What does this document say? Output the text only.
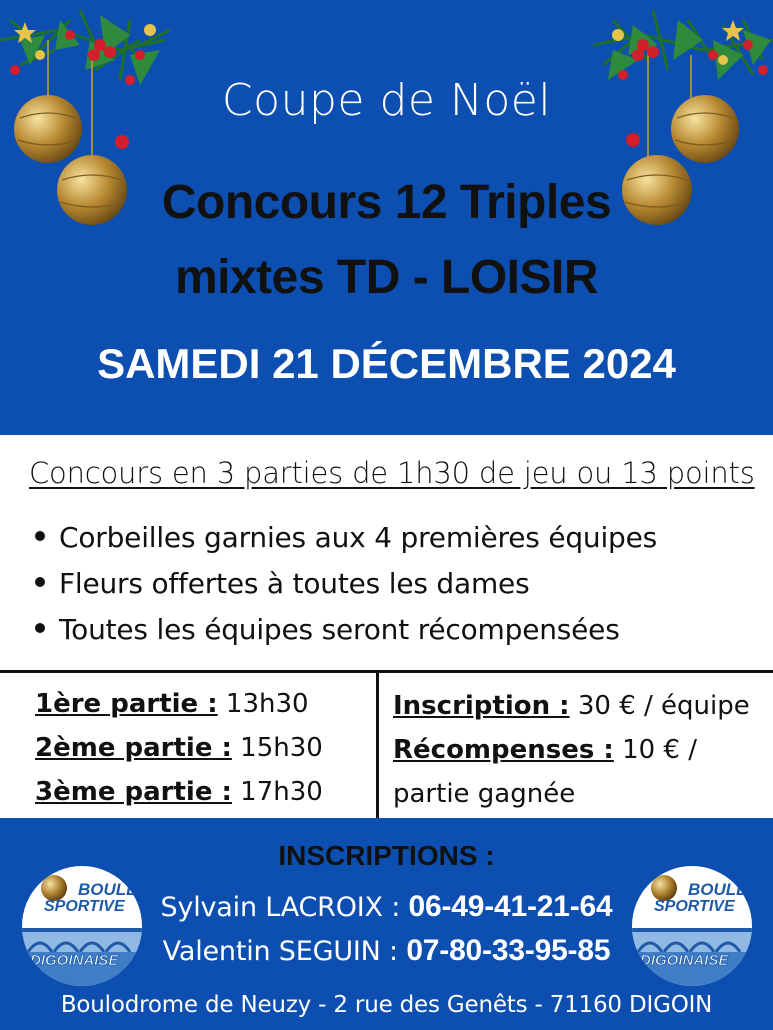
Coupe de Noël
Concours 12 Triples
mixtes TD - LOISIR
SAMEDI 21 DÉCEMBRE 2024
Concours en 3 parties de 1h30 de jeu ou 13 points
Corbeilles garnies aux 4 premières équipes
Fleurs offertes à toutes les dames
Toutes les équipes seront récompensées
1ère partie : 13h30
2ème partie : 15h30
3ème partie : 17h30
Inscription : 30 € / équipe
Récompenses : 10 € / partie gagnée
BOULE
SPORTIVE
DIGOINAISE
BOULE
SPORTIVE
DIGOINAISE
INSCRIPTIONS :
Sylvain LACROIX : 06-49-41-21-64
Valentin SEGUIN : 07-80-33-95-85
Boulodrome de Neuzy - 2 rue des Genêts - 71160 DIGOIN
